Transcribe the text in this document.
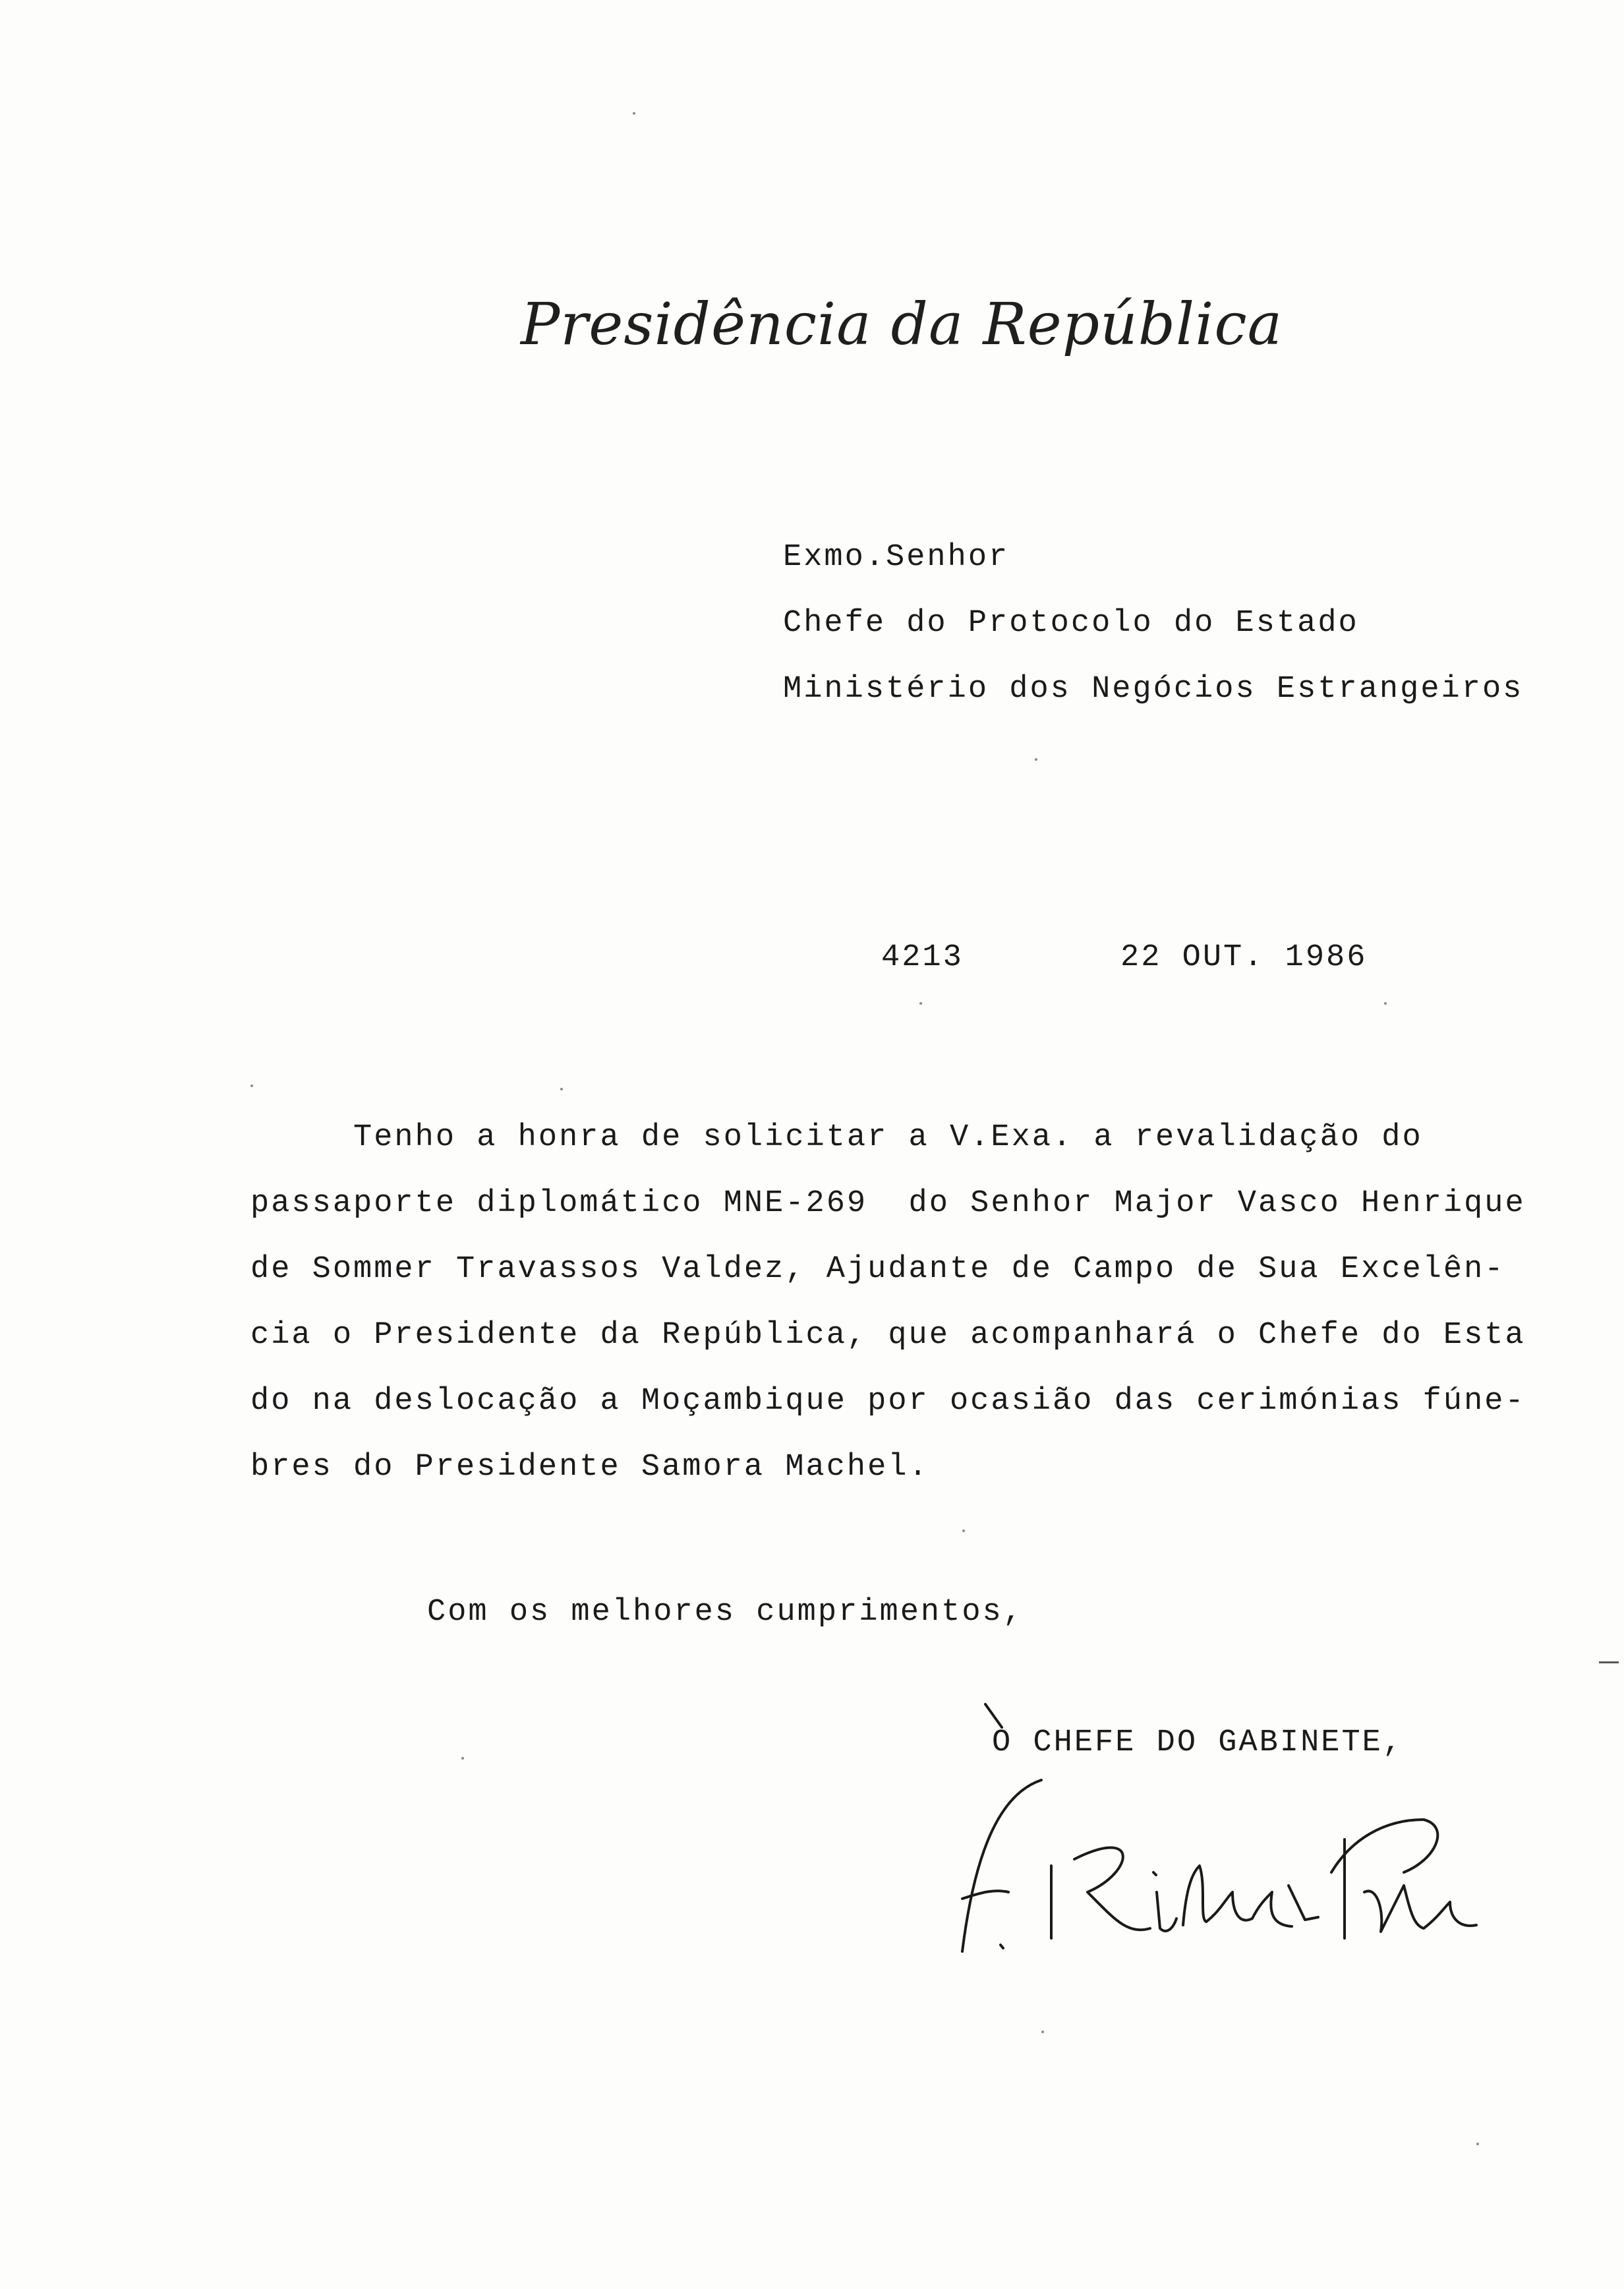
Presidência da República
Exmo.Senhor
Chefe do Protocolo do Estado
Ministério dos Negócios Estrangeiros
4213	22 OUT. 1986
Tenho a honra de solicitar a V.Exa. a revalidação do
passaporte diplomático MNE-269  do Senhor Major Vasco Henrique
de Sommer Travassos Valdez, Ajudante de Campo de Sua Excelên-
cia o Presidente da República, que acompanhará o Chefe do Esta
do na deslocação a Moçambique por ocasião das cerimónias fúne-
bres do Presidente Samora Machel.
Com os melhores cumprimentos,
O CHEFE DO GABINETE,
